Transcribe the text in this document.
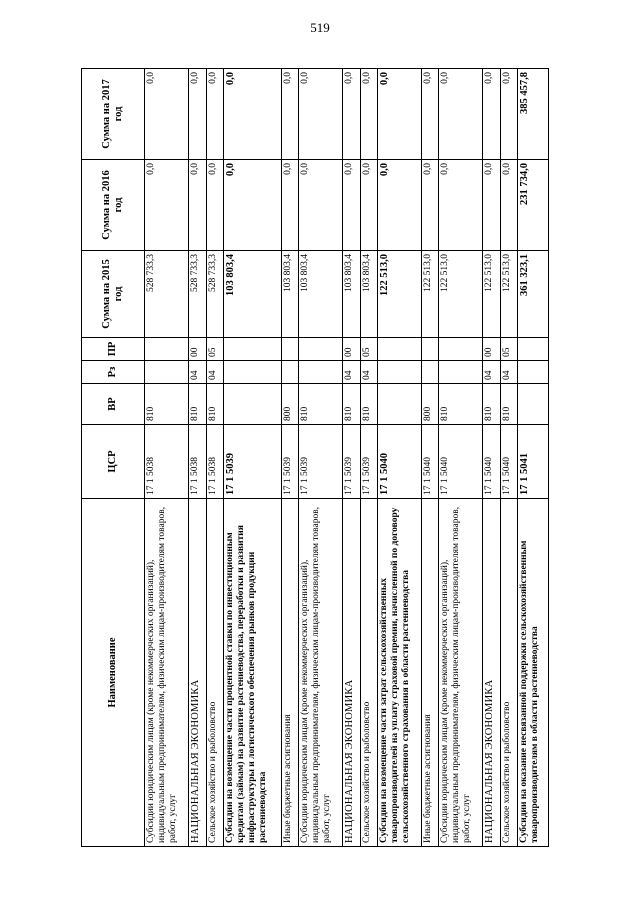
519
Наименование	ЦСР	ВР	Рз	ПР	Сумма на 2015 год	Сумма на 2016 год	Сумма на 2017 год
Субсидии юридическим лицам (кроме некоммерческих организаций), индивидуальным предпринимателям, физическим лицам-производителям товаров, работ, услуг	17 1 5038	810			528 733,3	0,0	0,0
НАЦИОНАЛЬНАЯ ЭКОНОМИКА	17 1 5038	810	04	00	528 733,3	0,0	0,0
Сельское хозяйство и рыболовство	17 1 5038	810	04	05	528 733,3	0,0	0,0
Субсидии на возмещение части процентной ставки по инвестиционным кредитам (займам) на развитие растениеводства, переработки и развития инфраструктуры и логистического обеспечения рынков продукции растениеводства	17 1 5039				103 803,4	0,0	0,0
Иные бюджетные ассигнования	17 1 5039	800			103 803,4	0,0	0,0
Субсидии юридическим лицам (кроме некоммерческих организаций), индивидуальным предпринимателям, физическим лицам-производителям товаров, работ, услуг	17 1 5039	810			103 803,4	0,0	0,0
НАЦИОНАЛЬНАЯ ЭКОНОМИКА	17 1 5039	810	04	00	103 803,4	0,0	0,0
Сельское хозяйство и рыболовство	17 1 5039	810	04	05	103 803,4	0,0	0,0
Субсидии на возмещение части затрат сельскохозяйственных товаропроизводителей на уплату страховой премии, начисленной по договору сельскохозяйственного страхования в области растениеводства	17 1 5040				122 513,0	0,0	0,0
Иные бюджетные ассигнования	17 1 5040	800			122 513,0	0,0	0,0
Субсидии юридическим лицам (кроме некоммерческих организаций), индивидуальным предпринимателям, физическим лицам-производителям товаров, работ, услуг	17 1 5040	810			122 513,0	0,0	0,0
НАЦИОНАЛЬНАЯ ЭКОНОМИКА	17 1 5040	810	04	00	122 513,0	0,0	0,0
Сельское хозяйство и рыболовство	17 1 5040	810	04	05	122 513,0	0,0	0,0
Субсидии на оказание несвязанной поддержки сельскохозяйственным товаропроизводителям в области растениеводства	17 1 5041				361 323,1	231 734,0	385 457,8
